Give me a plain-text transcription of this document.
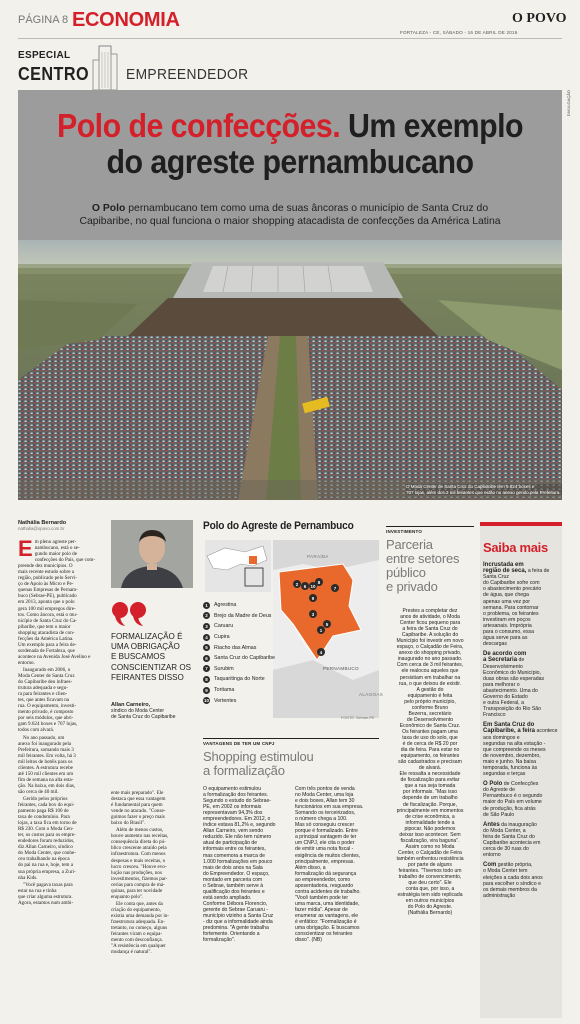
PÁGINA 8 ECONOMIA	O POVO
FORTALEZA - CE, SÁBADO - 16 DE ABRIL DE 2016
ESPECIAL
CENTRO EMPREENDEDOR
Polo de confecções. Um exemplo
do agreste pernambucano
O Polo pernambucano tem como uma de suas âncoras o município de Santa Cruz do Capibaribe, no qual funciona o maior shopping atacadista de confecções da América Latina
DIVULGAÇÃO
O Moda Center de Santa Cruz do Capibaribe tem 9.624 boxes e
707 lojas, além dos 3 mil feirantes que estão no anexo gerido pela Prefeitura
Nathália Bernardo
nathalia@opovo.com.br
E m pleno agreste per-
nambucano, está o se-
gundo maior polo de
confecções do País, que com-
preende dez municípios. O
mais recente estudo sobre a
região, publicado pelo Servi-
ço de Apoio às Micro e Pe-
quenas Empresas de Pernam-
buco (Sebrae-PE), publicado
em 2013, aponta que o polo
gera 100 mil empregos dire-
tos. Como âncora, está o mu-
nicípio de Santa Cruz do Ca-
pibaribe, que tem o maior
shopping atacadista de con-
fecções da América Latina.
Um exemplo para a feira de-
sordenada de Fortaleza, que
acontece na Avenida José Avelino e
entorno.

Inaugurado em 2006, o
Moda Center de Santa Cruz
do Capibaribe deu infraes-
trutura adequada e segu-
ra para feirantes e clien-
tes, que antes ficavam na
rua. O equipamento, investi-
mento privado, é composto
por seis módulos, que abri-
gam 9.624 boxes e 707 lojas,
todos com alvará.

No ano passado, um
anexo foi inaugurado pela
Prefeitura, somando mais 3
mil feirantes. Em volta, há 3
mil leitos de hotéis para os
clientes. A estrutura recebe
até 150 mil clientes em um
fim de semana na alta esta-
ção. Na baixa, em dois dias,
são cerca de 40 mil.

Gerido pelos próprios
feirantes, cada box do equi-
pamento paga R$ 100 de
taxa de condomínio. Para
lojas, a taxa fica em torno de
R$ 230. Com o Moda Cen-
ter, os custos para os empre-
endedores foram reduzidos,
diz Allan Carneiro, síndico
do Moda Center, que conhe-
ceu trabalhando na época
do pai na rua e, hoje, tem a
sua própria empresa, a Zuri-
nha Kids.

"Você pagava taxas para
estar na rua e tinha
que criar alguma estrutura.
Agora, estamos num ambi-

FORMALIZAÇÃO É
UMA OBRIGAÇÃO
E BUSCAMOS
CONSCIENTIZAR OS
FEIRANTES DISSO
Allan Carneiro,
síndico do Moda Center
de Santa Cruz do Capibaribe

ente mais preparado". Ele
destaca que essa vantagem
é fundamental para quem
vende no atacado. "Conse-
guimos fazer o preço mais
baixo do Brasil".

Além de menos custos,
houve aumento nas receitas,
consequência direta do pú-
blico crescente atraído pela
infraestrutura. Com menos
despesas e mais receitas, o
lucro cresceu. "Houve evo-
lução nas produções, nos
investimentos, fizemos par-
cerias para compra de má-
quinas, para ter novidade
enquanto polo".

Ele conta que, antes da
criação do equipamento,
existia uma demanda por in-
fraestrutura adequada. En-
tretanto, no começo, alguns
feirantes viram o equipa-
mento com desconfiança.
"A resistência em qualquer
mudança é natural".

Polo do Agreste de Pernambuco
PARAÍBA
PERNAMBUCO
ALAGOAS
FONTE: Sebrae-PE
1
2
3
4
5
6	7
8
9
10
1	Agrestina
2	Brejo da Madre de Deus
3	Caruaru
4	Cupira
5	Riacho das Almas
6	Santa Cruz do Capibaribe
7	Surubim
8	Taquaritinga do Norte
9	Toritama
10 Vertentes
VANTAGENS DE TER UM CNPJ
Shopping estimulou
a formalização

O equipamento estimulou
a formalização dos feirantes.
Segundo o estudo do Sebrae-
PE, em 2002 os informais
representavam 94,3% dos
empreendedores. Em 2012, o
índice estava 81,2% e, segundo
Allan Carneiro, vem sendo
reduzido. Ele não tem número
atual de participação de
informais entre os feirantes,
mas comemora a marca de
1.000 formalizações em pouco
mais de dois anos na Sala
do Empreendedor. O espaço,
montado em parceria com
o Sebrae, também serve à
qualificação dos feirantes e
está sendo ampliado.
Conforme Débora Florencio,
gerente do Sebrae Caruaru -
município vizinho a Santa Cruz
- diz que a informalidade ainda
predomina. "A gente trabalha
fortemente. Orientando a
formalização".

Com três pontos de venda
no Moda Center, uma loja
e dois boxes, Allan tem 30
funcionários em sua empresa.
Somando os terceirizados,
o número chega a 100.
Mas só conseguiu crescer
porque é formalizado. Entre
a principal vantagem de ter
um CNPJ, ele cita o poder
de emitir uma nota fiscal -
exigência de muitos clientes,
principalmente, empresas.
Além disso, a
formalização dá segurança
ao empreendedor, como
aposentadoria, resguardo
contra acidentes de trabalho.
"Você também pode ter
uma marca, uma identidade,
fazer mídia". Apesar de
enumerar as vantagens, ele
é enfático: "Formalização é
uma obrigação. E buscamos
conscientizar os feirantes
disso". (NB)

INVESTIMENTO
Parceria
entre setores
público
e privado

Prestes a completar dez
anos de atividade, o Moda
Center ficou pequeno para
a feira de Santa Cruz do
Capibaribe. A solução do
Município foi investir em novo
espaço, o Calçadão de Feira,
anexo do shopping privado,
inaugurado no ano passado.
Com cerca de 3 mil feirantes,
ele realocou aqueles que
persistiam em trabalhar na
rua, o que deixou de existir.
A gestão do
equipamento é feita
pelo próprio município,
conforme Bruno
Bezerra, secretário
de Desenvolvimento
Econômico de Santa Cruz.
Os feirantes pagam uma
taxa de uso do solo, que
é de cerca de R$ 20 por
dia de feira. Para estar no
equipamento, os feirantes
são cadastrados e precisam
de alvará.
Ele ressalta a necessidade
de fiscalização para evitar
que a rua seja tomada
por informais. "Mas isso
depende de um trabalho
de fiscalização. Porque,
principalmente em momentos
de crise econômica, a
informalidade tende a
pipocar. Não podemos
deixar isso acontecer. Sem
fiscalização, vira baguna".
Assim como no Moda
Center, o Calçadão de Feira
também enfrentou resistência
por parte de alguns
feirantes. "Tivemos todo um
trabalho de convencimento,
que deu certo". Ele
conta que, por isso, a
estratégia tem sido replicada
em outros municípios
do Polo do Agreste.
(Nathália Bernardo)

Saiba mais

Incrustada em
região de seca, a feira de Santa Cruz
do Capibaribe sofre com
o abastecimento precário
de água, que chega
apenas uma vez por
semana. Para contornar
o problema, os feirantes
investiram em poços
artesanais. Imprópria
para o consumo, essa
água serve para as
descargas

De acordo com
a Secretaria de Desenvolvimento
Econômico do Município,
duas obras são esperadas
para melhorar o
abastecimento. Uma do
Governo do Estado
e outra Federal, a
Transposição do Rio São
Francisco

Em Santa Cruz do
Capibaribe, a feira acontece aos domingos e
segundas na alta estação -
que compreende os meses
de novembro, dezembro,
maio e junho. Na baixa
temporada, funciona às
segundas e terças

O Polo de Confecções
do Agreste de
Pernambuco é o segundo
maior do País em volume
de produção, fica atrás
de São Paulo

Antes da inauguração
do Moda Center, a
feira de Santa Cruz do
Capibaribe acontecia em
cerca de 30 ruas do
entorno

Com gestão própria,
o Moda Center tem
eleições a cada dois anos
para escolher o síndico e
os demais membros da
administração
